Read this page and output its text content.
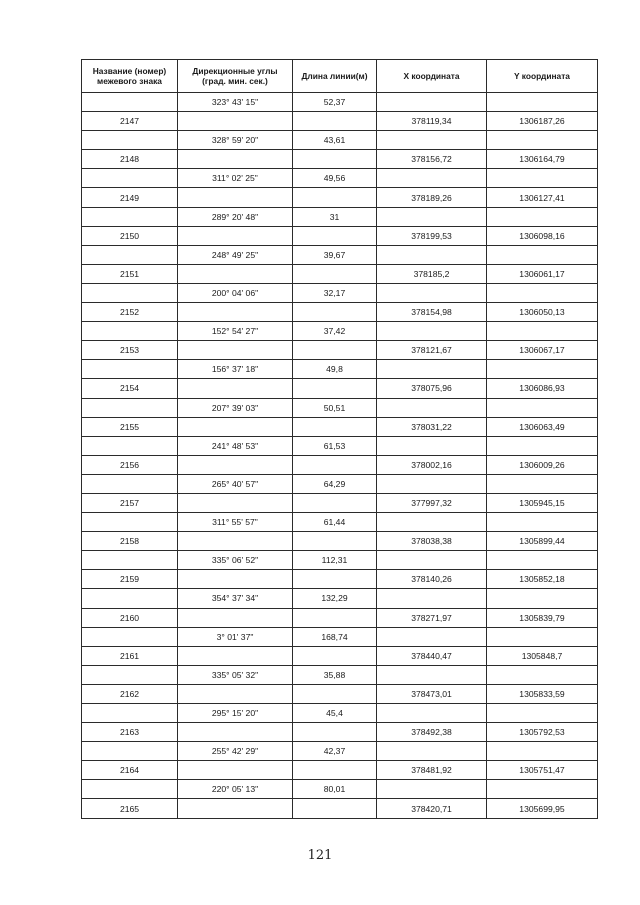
Название (номер)
межевого знака	Дирекционные углы
(град. мин. сек.)	Длина линии(м)	X координата	Y координата
	323° 43' 15"	52,37		
2147			378119,34	1306187,26
	328° 59' 20"	43,61		
2148			378156,72	1306164,79
	311° 02' 25"	49,56		
2149			378189,26	1306127,41
	289° 20' 48"	31		
2150			378199,53	1306098,16
	248° 49' 25"	39,67		
2151			378185,2	1306061,17
	200° 04' 06"	32,17		
2152			378154,98	1306050,13
	152° 54' 27"	37,42		
2153			378121,67	1306067,17
	156° 37' 18"	49,8		
2154			378075,96	1306086,93
	207° 39' 03"	50,51		
2155			378031,22	1306063,49
	241° 48' 53"	61,53		
2156			378002,16	1306009,26
	265° 40' 57"	64,29		
2157			377997,32	1305945,15
	311° 55' 57"	61,44		
2158			378038,38	1305899,44
	335° 06' 52"	112,31		
2159			378140,26	1305852,18
	354° 37' 34"	132,29		
2160			378271,97	1305839,79
	3° 01' 37"	168,74		
2161			378440,47	1305848,7
	335° 05' 32"	35,88		
2162			378473,01	1305833,59
	295° 15' 20"	45,4		
2163			378492,38	1305792,53
	255° 42' 29"	42,37		
2164			378481,92	1305751,47
	220° 05' 13"	80,01		
2165			378420,71	1305699,95
121
